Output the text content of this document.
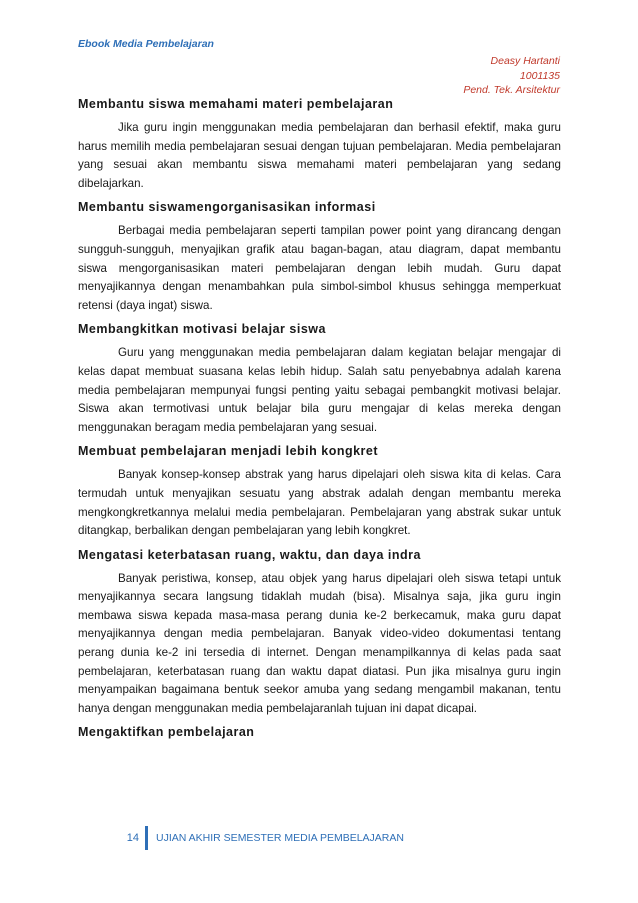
Ebook Media Pembelajaran
Deasy Hartanti
1001135
Pend. Tek. Arsitektur
Membantu siswa memahami materi pembelajaran

Jika guru ingin menggunakan media pembelajaran dan berhasil efektif, maka guru harus memilih media pembelajaran sesuai dengan tujuan pembelajaran. Media pembelajaran yang sesuai akan membantu siswa memahami materi pembelajaran yang sedang dibelajarkan.

Membantu siswamengorganisasikan informasi

Berbagai media pembelajaran seperti tampilan power point yang dirancang dengan sungguh-sungguh, menyajikan grafik atau bagan-bagan, atau diagram, dapat membantu siswa mengorganisasikan materi pembelajaran dengan lebih mudah. Guru dapat menyajikannya dengan menambahkan pula simbol-simbol khusus sehingga memperkuat retensi (daya ingat) siswa.

Membangkitkan motivasi belajar siswa

Guru yang menggunakan media pembelajaran dalam kegiatan belajar mengajar di kelas dapat membuat suasana kelas lebih hidup. Salah satu penyebabnya adalah karena media pembelajaran mempunyai fungsi penting yaitu sebagai pembangkit motivasi belajar. Siswa akan termotivasi untuk belajar bila guru mengajar di kelas mereka dengan menggunakan beragam media pembelajaran yang sesuai.

Membuat pembelajaran menjadi lebih kongkret

Banyak konsep-konsep abstrak yang harus dipelajari oleh siswa kita di kelas. Cara termudah untuk menyajikan sesuatu yang abstrak adalah dengan membantu mereka mengkongkretkannya melalui media pembelajaran. Pembelajaran yang abstrak sukar untuk ditangkap, berbalikan dengan pembelajaran yang lebih kongkret.

Mengatasi keterbatasan ruang, waktu, dan daya indra

Banyak peristiwa, konsep, atau objek yang harus dipelajari oleh siswa tetapi untuk menyajikannya secara langsung tidaklah mudah (bisa). Misalnya saja, jika guru ingin membawa siswa kepada masa-masa perang dunia ke-2 berkecamuk, maka guru dapat menyajikannya dengan media pembelajaran. Banyak video-video dokumentasi tentang perang dunia ke-2 ini tersedia di internet. Dengan menampilkannya di kelas pada saat pembelajaran, keterbatasan ruang dan waktu dapat diatasi. Pun jika misalnya guru ingin menyampaikan bagaimana bentuk seekor amuba yang sedang mengambil makanan, tentu hanya dengan menggunakan media pembelajaranlah tujuan ini dapat dicapai.

Mengaktifkan pembelajaran
14	UJIAN AKHIR SEMESTER MEDIA PEMBELAJARAN
